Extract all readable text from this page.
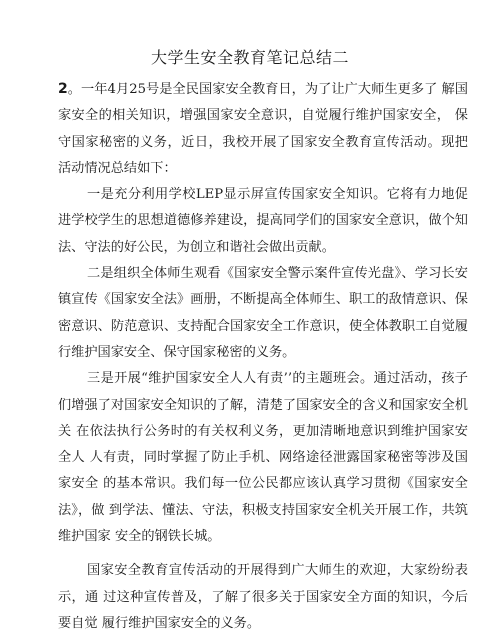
大学生安全教育笔记总结二

2。一年4月25号是全民国家安全教育日，为了让广大师生更多了 解国家安全的相关知识，增强国家安全意识，自觉履行维护国家安全， 保守国家秘密的义务，近日，我校开展了国家安全教育宣传活动。现把 活动情况总结如下：

一是充分利用学校LEP显示屏宣传国家安全知识。它将有力地促 进学校学生的思想道德修养建设，提高同学们的国家安全意识，做个知 法、守法的好公民，为创立和谐社会做出贡献。

二是组织全体师生观看《国家安全警示案件宣传光盘》、学习长安 镇宣传《国家安全法》画册，不断提高全体师生、职工的敌情意识、保 密意识、防范意识、支持配合国家安全工作意识，使全体教职工自觉履 行维护国家安全、保守国家秘密的义务。

三是开展“维护国家安全人人有责’’的主题班会。通过活动，孩子们增强了对国家安全知识的了解，清楚了国家安全的含义和国家安全机关 在依法执行公务时的有关权利义务，更加清晰地意识到维护国家安全人 人有责，同时掌握了防止手机、网络途径泄露国家秘密等涉及国家安全 的基本常识。我们每一位公民都应该认真学习贯彻《国家安全法》，做 到学法、懂法、守法，积极支持国家安全机关开展工作，共筑维护国家 安全的钢铁长城。

国家安全教育宣传活动的开展得到广大师生的欢迎，大家纷纷表示，通 过这种宣传普及，了解了很多关于国家安全方面的知识，今后要自觉 履行维护国家安全的义务。
